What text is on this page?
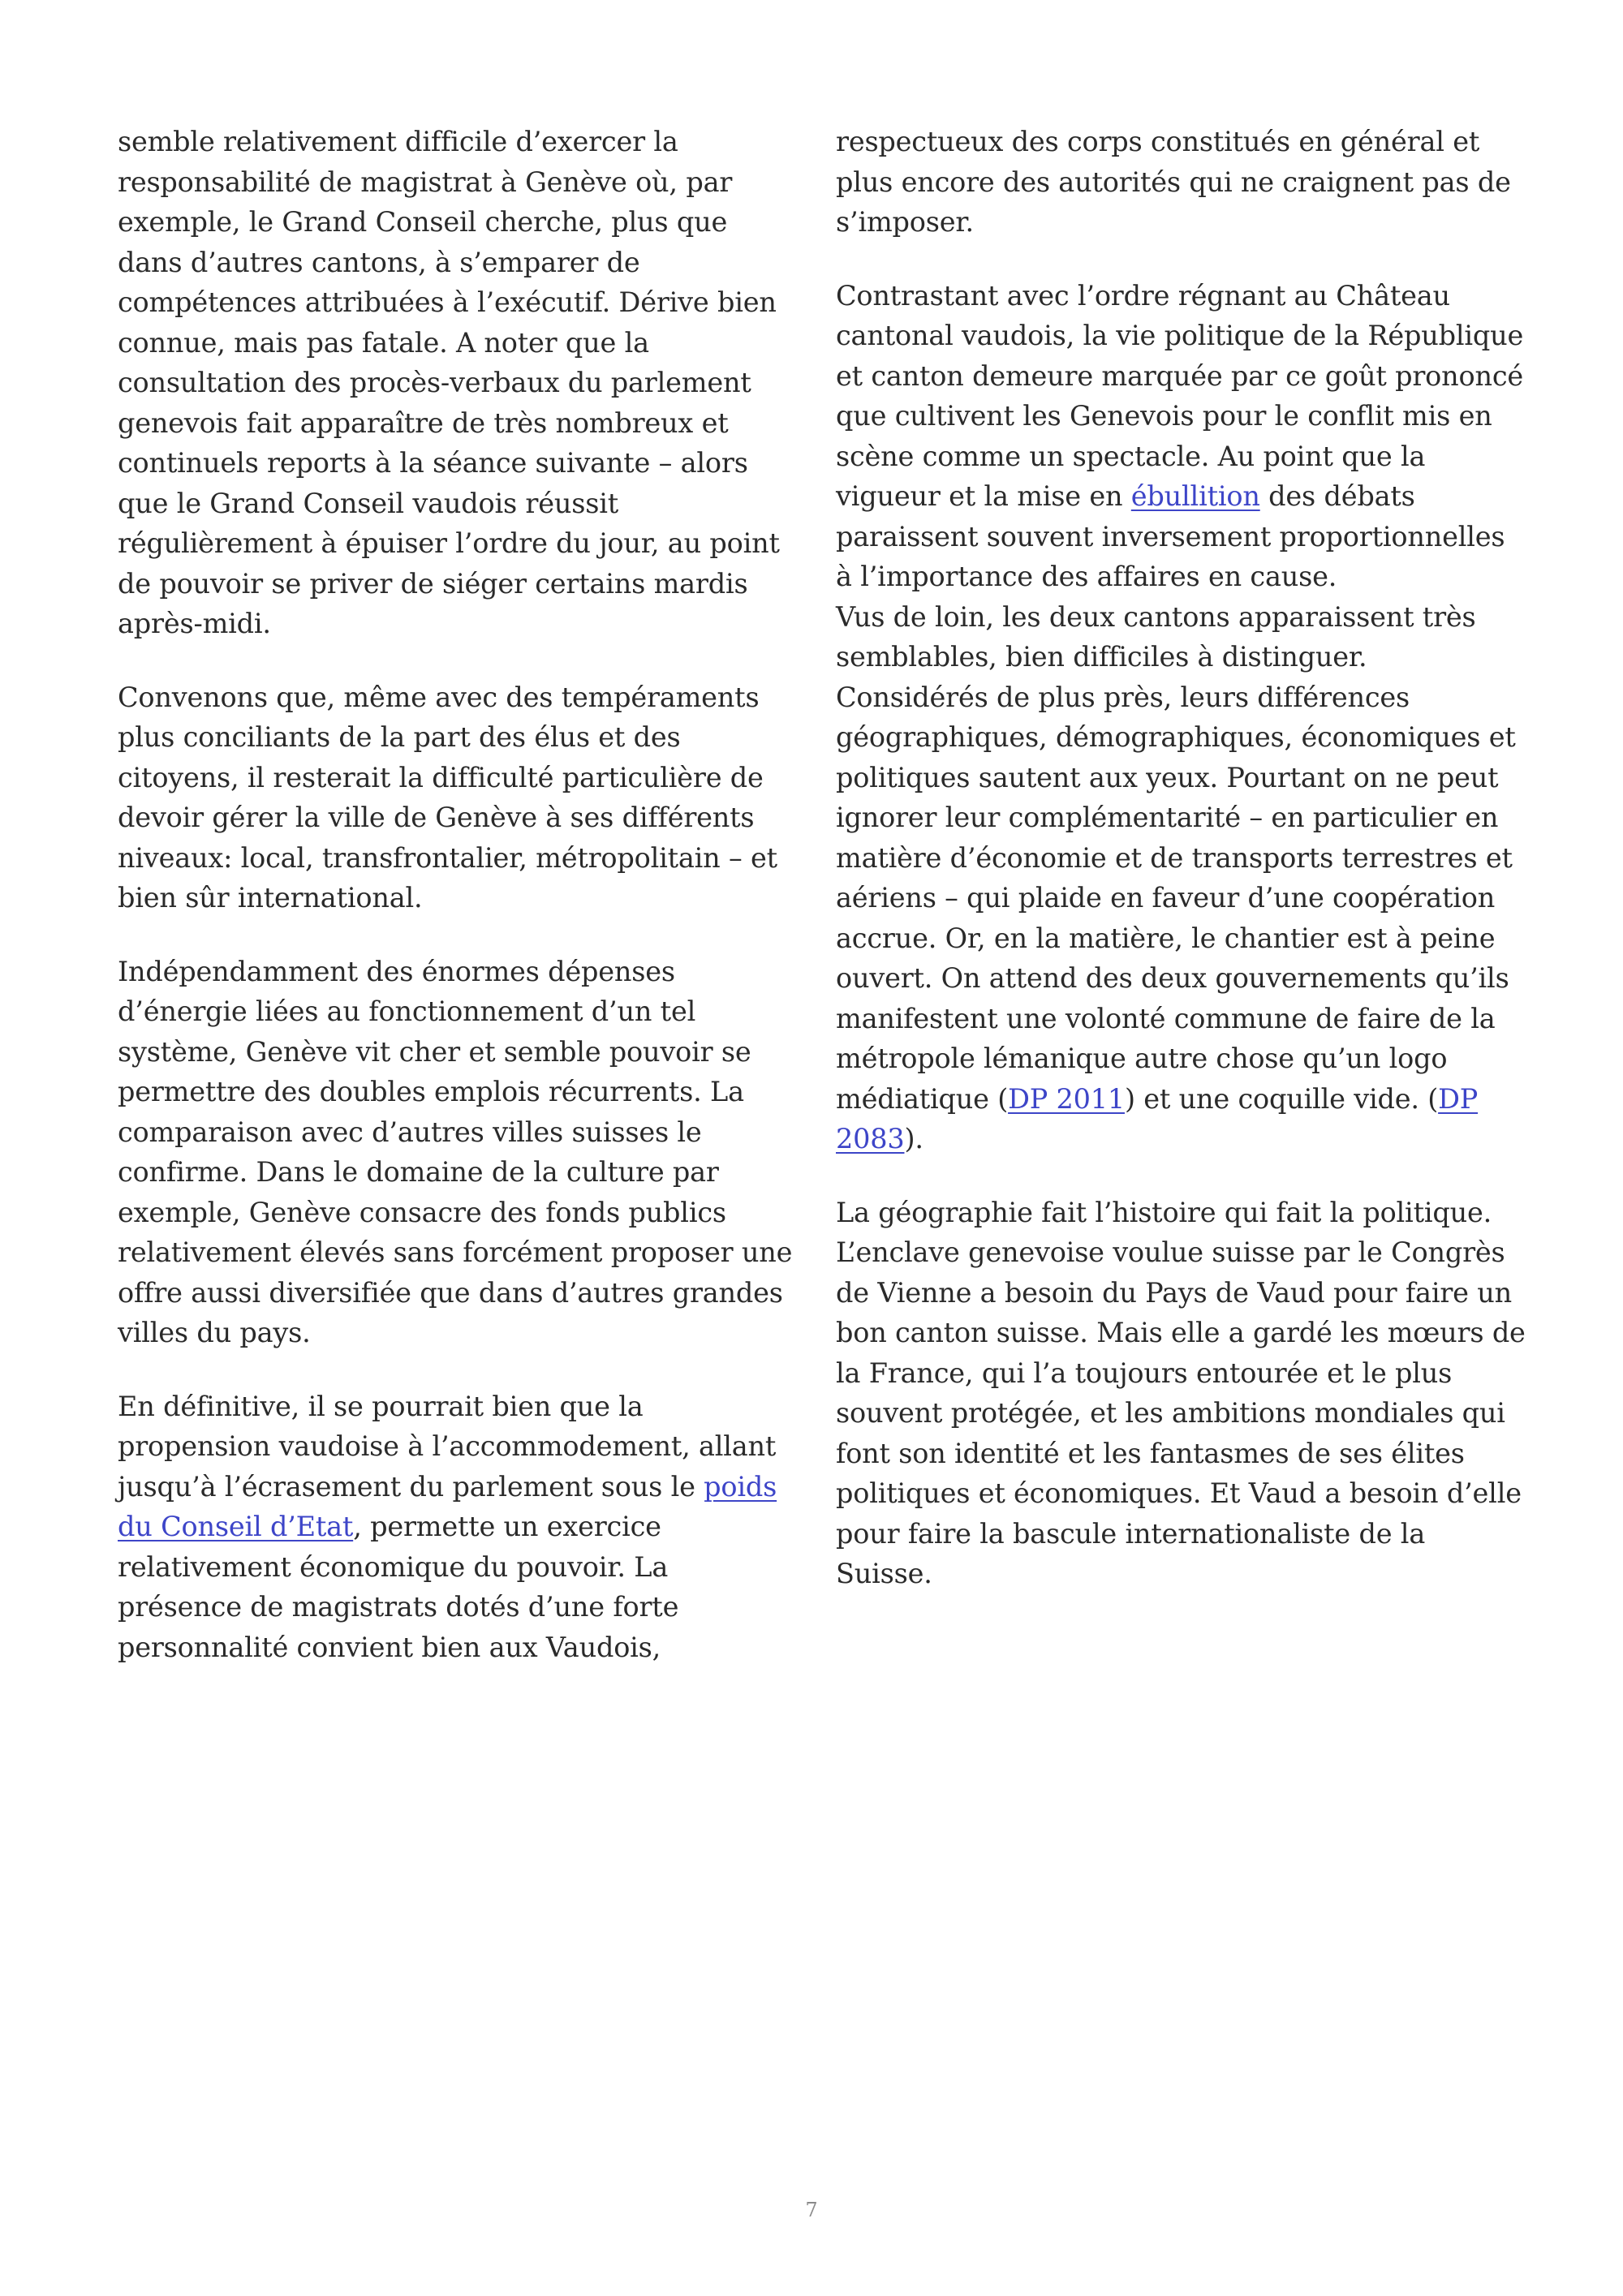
semble relativement difficile d’exercer la responsabilité de magistrat à Genève où, par exemple, le Grand Conseil cherche, plus que dans d’autres cantons, à s’emparer de compétences attribuées à l’exécutif. Dérive bien connue, mais pas fatale. A noter que la consultation des procès-verbaux du parlement genevois fait apparaître de très nombreux et continuels reports à la séance suivante – alors que le Grand Conseil vaudois réussit régulièrement à épuiser l’ordre du jour, au point de pouvoir se priver de siéger certains mardis après-midi.

Convenons que, même avec des tempéraments plus conciliants de la part des élus et des citoyens, il resterait la difficulté particulière de devoir gérer la ville de Genève à ses différents niveaux: local, transfrontalier, métropolitain – et bien sûr international.

Indépendamment des énormes dépenses d’énergie liées au fonctionnement d’un tel système, Genève vit cher et semble pouvoir se permettre des doubles emplois récurrents. La comparaison avec d’autres villes suisses le confirme. Dans le domaine de la culture par exemple, Genève consacre des fonds publics relativement élevés sans forcément proposer une offre aussi diversifiée que dans d’autres grandes villes du pays.

En définitive, il se pourrait bien que la propension vaudoise à l’accommodement, allant jusqu’à l’écrasement du parlement sous le poids du Conseil d’Etat, permette un exercice relativement économique du pouvoir. La présence de magistrats dotés d’une forte personnalité convient bien aux Vaudois,

respectueux des corps constitués en général et plus encore des autorités qui ne craignent pas de s’imposer.

Contrastant avec l’ordre régnant au Château cantonal vaudois, la vie politique de la République et canton demeure marquée par ce goût prononcé que cultivent les Genevois pour le conflit mis en scène comme un spectacle. Au point que la vigueur et la mise en ébullition des débats paraissent souvent inversement proportionnelles à l’importance des affaires en cause.

Vus de loin, les deux cantons apparaissent très semblables, bien difficiles à distinguer. Considérés de plus près, leurs différences géographiques, démographiques, économiques et politiques sautent aux yeux. Pourtant on ne peut ignorer leur complémentarité – en particulier en matière d’économie et de transports terrestres et aériens – qui plaide en faveur d’une coopération accrue. Or, en la matière, le chantier est à peine ouvert. On attend des deux gouvernements qu’ils manifestent une volonté commune de faire de la métropole lémanique autre chose qu’un logo médiatique (DP 2011) et une coquille vide. (DP 2083).

La géographie fait l’histoire qui fait la politique. L’enclave genevoise voulue suisse par le Congrès de Vienne a besoin du Pays de Vaud pour faire un bon canton suisse. Mais elle a gardé les mœurs de la France, qui l’a toujours entourée et le plus souvent protégée, et les ambitions mondiales qui font son identité et les fantasmes de ses élites politiques et économiques. Et Vaud a besoin d’elle pour faire la bascule internationaliste de la Suisse.

7
